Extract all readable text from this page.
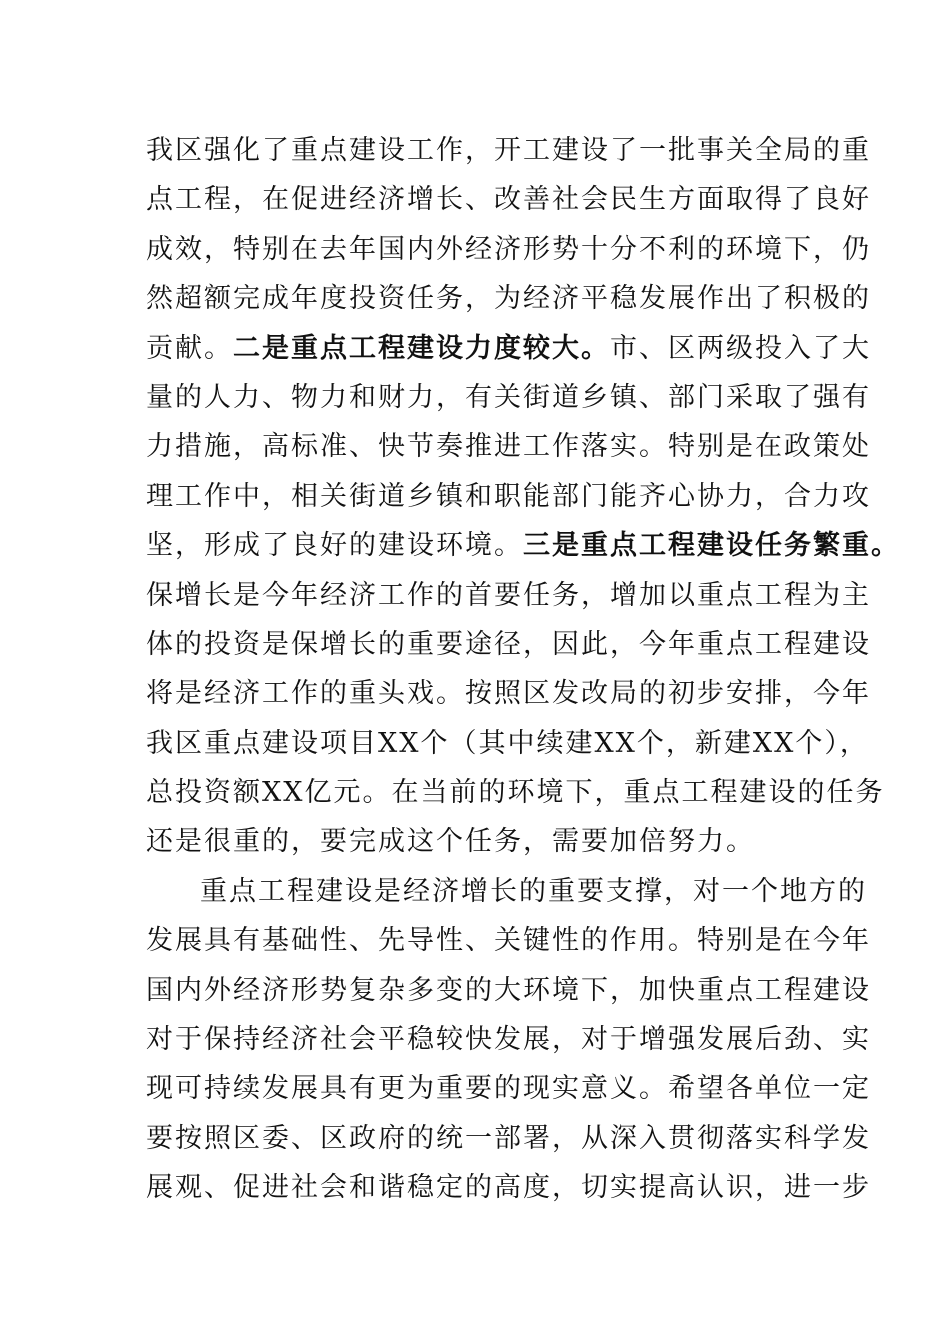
我区强化了重点建设工作，开工建设了一批事关全局的重
点工程，在促进经济增长、改善社会民生方面取得了良好
成效，特别在去年国内外经济形势十分不利的环境下，仍
然超额完成年度投资任务，为经济平稳发展作出了积极的
贡献。二是重点工程建设力度较大。市、区两级投入了大
量的人力、物力和财力，有关街道乡镇、部门采取了强有
力措施，高标准、快节奏推进工作落实。特别是在政策处
理工作中，相关街道乡镇和职能部门能齐心协力，合力攻
坚，形成了良好的建设环境。三是重点工程建设任务繁重。
保增长是今年经济工作的首要任务，增加以重点工程为主
体的投资是保增长的重要途径，因此，今年重点工程建设
将是经济工作的重头戏。按照区发改局的初步安排，今年
我区重点建设项目XX个（其中续建XX个，新建XX个），
总投资额XX亿元。在当前的环境下，重点工程建设的任务
还是很重的，要完成这个任务，需要加倍努力。
重点工程建设是经济增长的重要支撑，对一个地方的
发展具有基础性、先导性、关键性的作用。特别是在今年
国内外经济形势复杂多变的大环境下，加快重点工程建设
对于保持经济社会平稳较快发展，对于增强发展后劲、实
现可持续发展具有更为重要的现实意义。希望各单位一定
要按照区委、区政府的统一部署，从深入贯彻落实科学发
展观、促进社会和谐稳定的高度，切实提高认识，进一步
